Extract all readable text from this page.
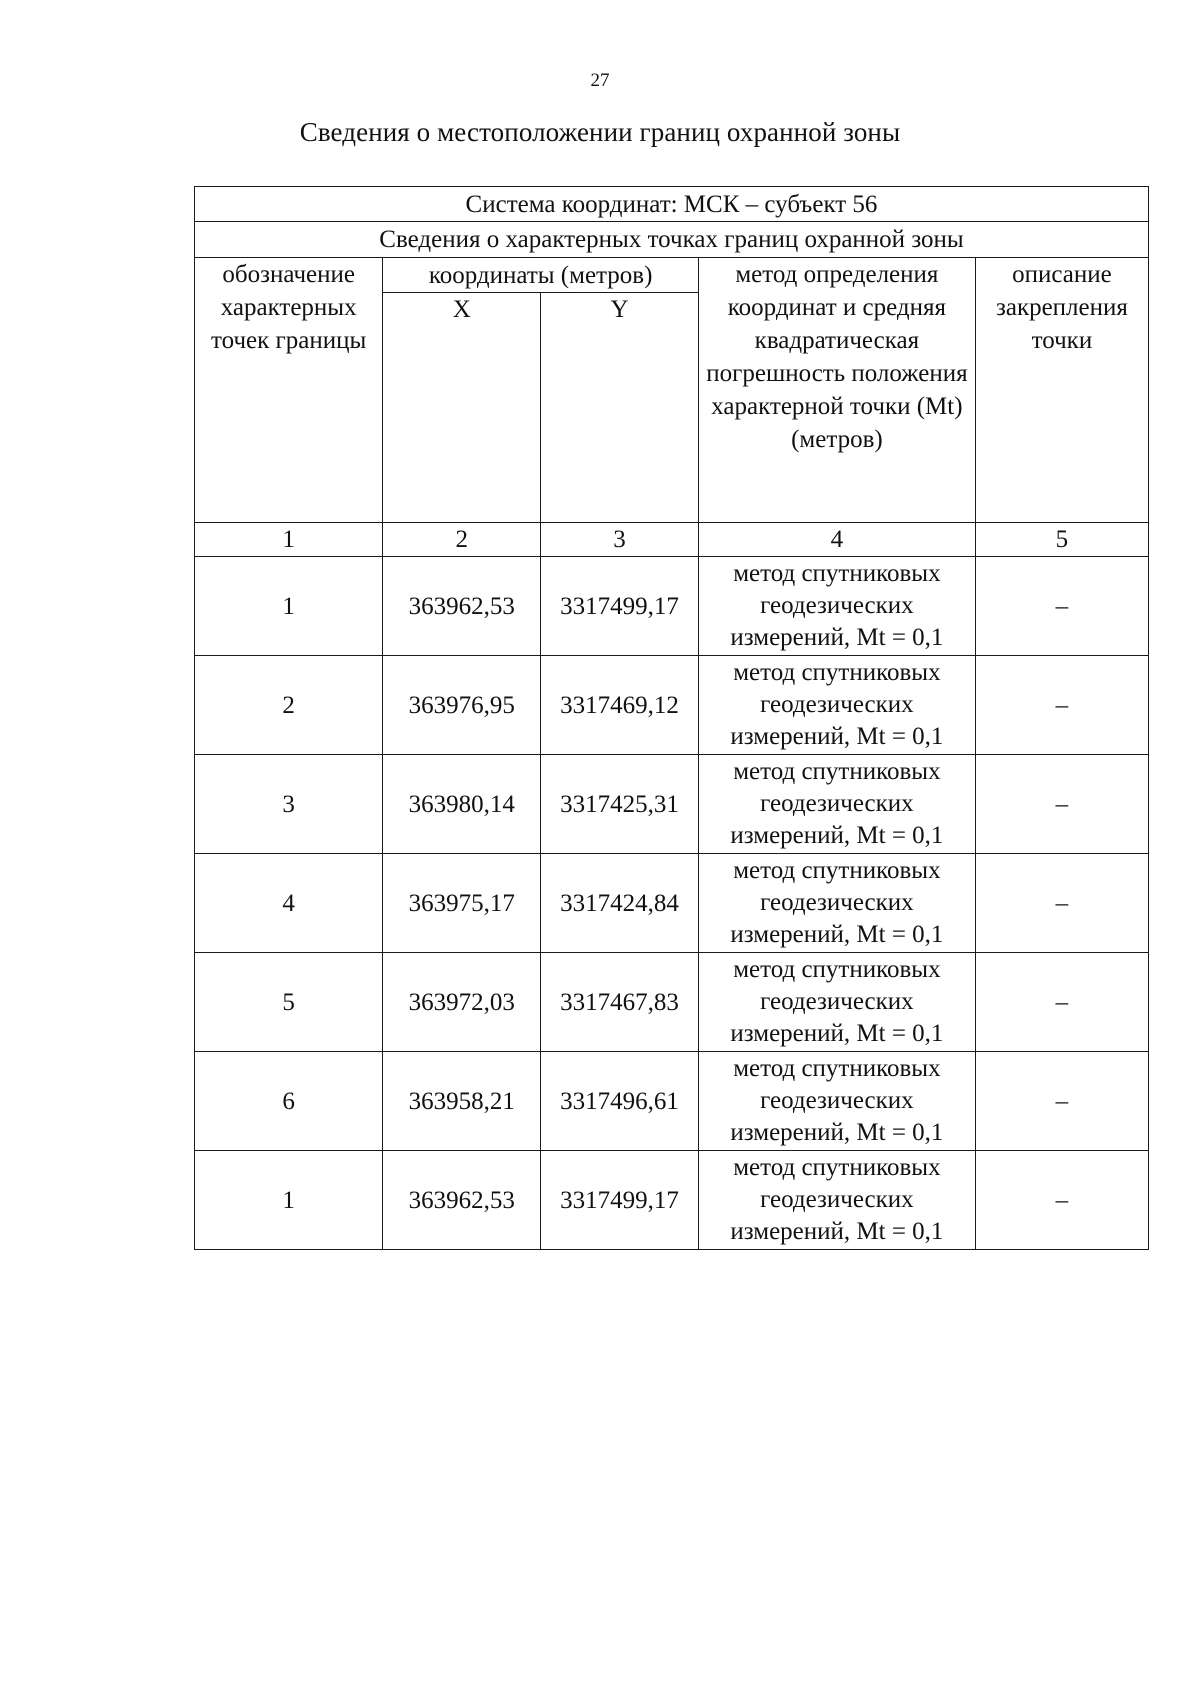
27
Сведения о местоположении границ охранной зоны
Система координат: МСК – субъект 56				
Сведения о характерных точках границ охранной зоны				
обозначение характерных точек границы	координаты (метров)		метод определения координат и средняя квадратическая погрешность положения характерной точки (Mt) (метров)	описание закрепления точки
	X	Y		
1	2	3	4	5
1	363962,53	3317499,17	метод спутниковых геодезических измерений, Mt = 0,1	–
2	363976,95	3317469,12	метод спутниковых геодезических измерений, Mt = 0,1	–
3	363980,14	3317425,31	метод спутниковых геодезических измерений, Mt = 0,1	–
4	363975,17	3317424,84	метод спутниковых геодезических измерений, Mt = 0,1	–
5	363972,03	3317467,83	метод спутниковых геодезических измерений, Mt = 0,1	–
6	363958,21	3317496,61	метод спутниковых геодезических измерений, Mt = 0,1	–
1	363962,53	3317499,17	метод спутниковых геодезических измерений, Mt = 0,1	–
